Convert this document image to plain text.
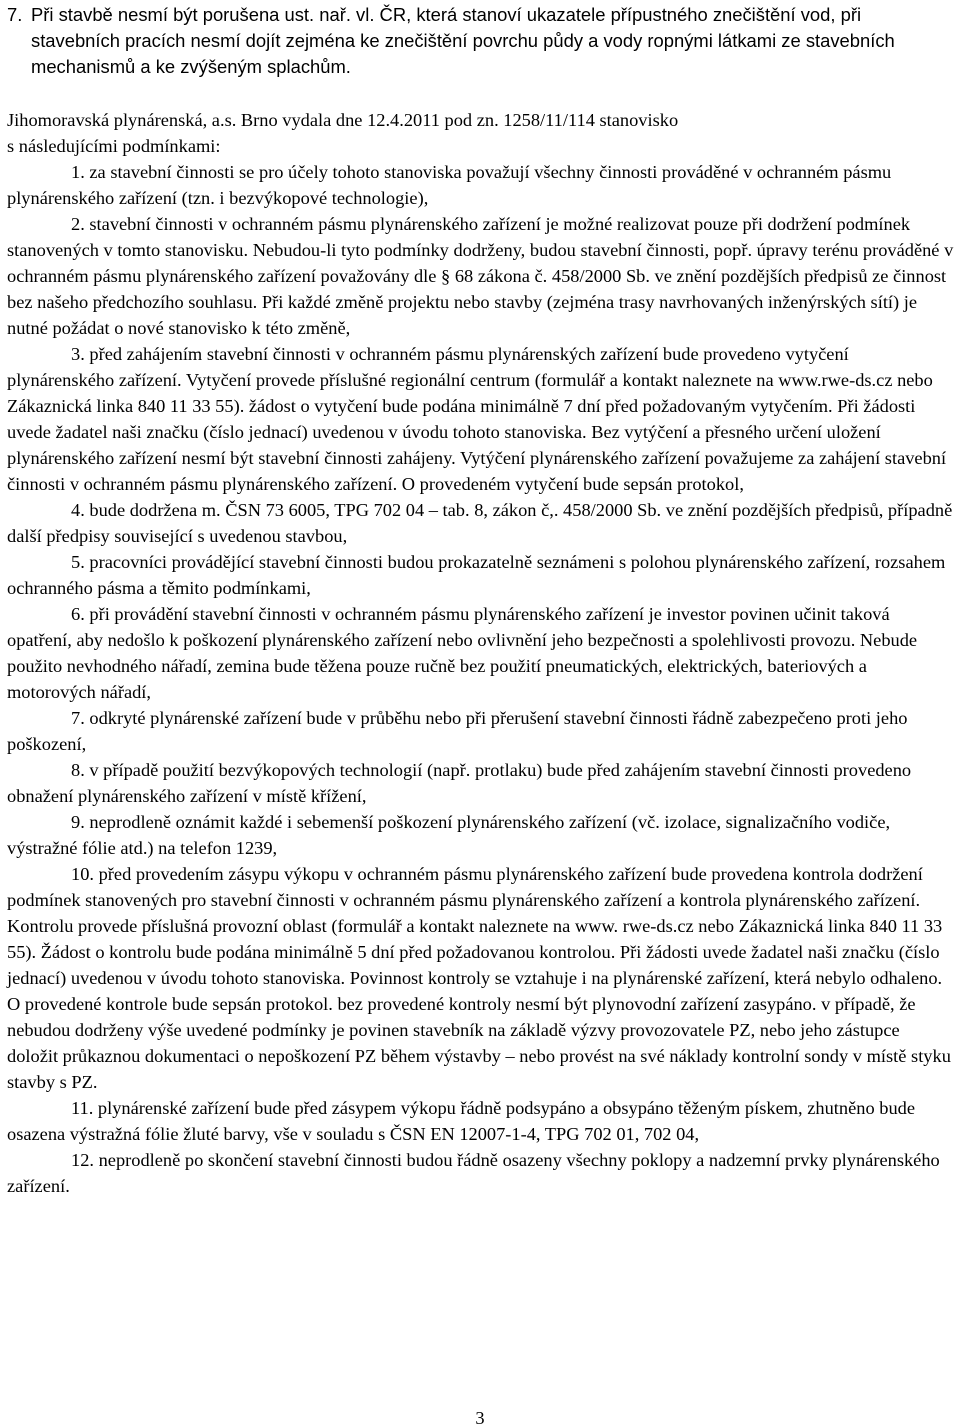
7. Při stavbě nesmí být porušena ust. nař. vl. ČR, která stanoví ukazatele přípustného znečištění vod, při stavebních pracích nesmí dojít zejména ke znečištění povrchu půdy a vody ropnými látkami ze stavebních mechanismů a ke zvýšeným splachům.

Jihomoravská plynárenská, a.s. Brno vydala dne 12.4.2011 pod zn. 1258/11/114 stanovisko
s následujícími podmínkami:

1. za stavební činnosti se pro účely tohoto stanoviska považují všechny činnosti prováděné v ochranném pásmu plynárenského zařízení (tzn. i bezvýkopové technologie),

2. stavební činnosti v ochranném pásmu plynárenského zařízení je možné realizovat pouze při dodržení podmínek stanovených v tomto stanovisku. Nebudou-li tyto podmínky dodrženy, budou stavební činnosti, popř. úpravy terénu prováděné v ochranném pásmu plynárenského zařízení považovány dle § 68 zákona č. 458/2000 Sb. ve znění pozdějších předpisů ze činnost bez našeho předchozího souhlasu. Při každé změně projektu nebo stavby (zejména trasy navrhovaných inženýrských sítí) je nutné požádat o nové stanovisko k této změně,

3. před zahájením stavební činnosti v ochranném pásmu plynárenských zařízení bude provedeno vytyčení plynárenského zařízení. Vytyčení provede příslušné regionální centrum (formulář a kontakt naleznete na www.rwe-ds.cz nebo Zákaznická linka 840 11 33 55). žádost o vytyčení bude podána minimálně 7 dní před požadovaným vytyčením. Při žádosti uvede žadatel naši značku (číslo jednací) uvedenou v úvodu tohoto stanoviska. Bez vytýčení a přesného určení uložení plynárenského zařízení nesmí být stavební činnosti zahájeny. Vytýčení plynárenského zařízení považujeme za zahájení stavební činnosti v ochranném pásmu plynárenského zařízení. O provedeném vytyčení bude sepsán protokol,

4. bude dodržena m. ČSN 73 6005, TPG 702 04 – tab. 8, zákon č,. 458/2000 Sb. ve znění pozdějších předpisů, případně další předpisy související s uvedenou stavbou,

5. pracovníci provádějící stavební činnosti budou prokazatelně seznámeni s polohou plynárenského zařízení, rozsahem ochranného pásma a těmito podmínkami,

6. při provádění stavební činnosti v ochranném pásmu plynárenského zařízení je investor povinen učinit taková opatření, aby nedošlo k poškození plynárenského zařízení nebo ovlivnění jeho bezpečnosti a spolehlivosti provozu. Nebude použito nevhodného nářadí, zemina bude těžena pouze ručně bez použití pneumatických, elektrických, bateriových a motorových nářadí,

7. odkryté plynárenské zařízení bude v průběhu nebo při přerušení stavební činnosti řádně zabezpečeno proti jeho poškození,

8. v případě použití bezvýkopových technologií (např. protlaku) bude před zahájením stavební činnosti provedeno obnažení plynárenského zařízení v místě křížení,

9. neprodleně oznámit každé i sebemenší poškození plynárenského zařízení (vč. izolace, signalizačního vodiče, výstražné fólie atd.) na telefon 1239,

10. před provedením zásypu výkopu v ochranném pásmu plynárenského zařízení bude provedena kontrola dodržení podmínek stanovených pro stavební činnosti v ochranném pásmu plynárenského zařízení a kontrola plynárenského zařízení. Kontrolu provede příslušná provozní oblast (formulář a kontakt naleznete na www. rwe-ds.cz nebo Zákaznická linka 840 11 33 55). Žádost o kontrolu bude podána minimálně 5 dní před požadovanou kontrolou. Při žádosti uvede žadatel naši značku (číslo jednací) uvedenou v úvodu tohoto stanoviska. Povinnost kontroly se vztahuje i na plynárenské zařízení, která nebylo odhaleno. O provedené kontrole bude sepsán protokol. bez provedené kontroly nesmí být plynovodní zařízení zasypáno. v případě, že nebudou dodrženy výše uvedené podmínky je povinen stavebník na základě výzvy provozovatele PZ, nebo jeho zástupce doložit průkaznou dokumentaci o nepoškození PZ během výstavby – nebo provést na své náklady kontrolní sondy v místě styku stavby s PZ.

11. plynárenské zařízení bude před zásypem výkopu řádně podsypáno a obsypáno těženým pískem, zhutněno bude osazena výstražná fólie žluté barvy, vše v souladu s ČSN EN 12007-1-4, TPG 702 01, 702 04,

12. neprodleně po skončení stavební činnosti budou řádně osazeny všechny poklopy a nadzemní prvky plynárenského zařízení.

3
